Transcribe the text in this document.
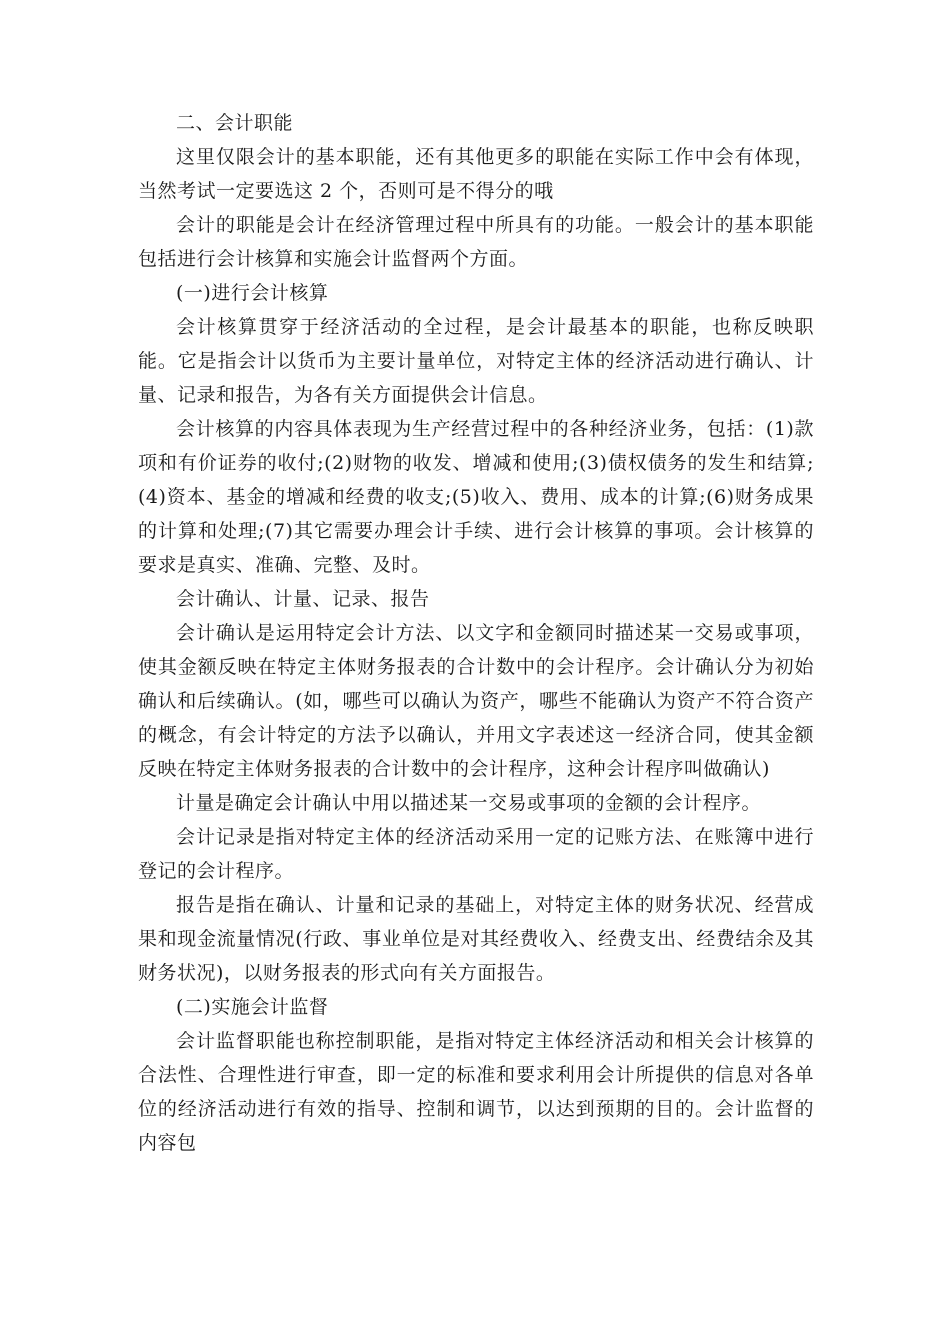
二、会计职能

这里仅限会计的基本职能，还有其他更多的职能在实际工作中会有体现，当然考试一定要选这 2 个，否则可是不得分的哦

会计的职能是会计在经济管理过程中所具有的功能。一般会计的基本职能包括进行会计核算和实施会计监督两个方面。

(一)进行会计核算

会计核算贯穿于经济活动的全过程，是会计最基本的职能，也称反映职能。它是指会计以货币为主要计量单位，对特定主体的经济活动进行确认、计量、记录和报告，为各有关方面提供会计信息。

会计核算的内容具体表现为生产经营过程中的各种经济业务，包括：(1)款项和有价证券的收付;(2)财物的收发、增减和使用;(3)债权债务的发生和结算;(4)资本、基金的增减和经费的收支;(5)收入、费用、成本的计算;(6)财务成果的计算和处理;(7)其它需要办理会计手续、进行会计核算的事项。会计核算的要求是真实、准确、完整、及时。

会计确认、计量、记录、报告

会计确认是运用特定会计方法、以文字和金额同时描述某一交易或事项，使其金额反映在特定主体财务报表的合计数中的会计程序。会计确认分为初始确认和后续确认。(如，哪些可以确认为资产，哪些不能确认为资产不符合资产的概念，有会计特定的方法予以确认，并用文字表述这一经济合同，使其金额反映在特定主体财务报表的合计数中的会计程序，这种会计程序叫做确认)

计量是确定会计确认中用以描述某一交易或事项的金额的会计程序。

会计记录是指对特定主体的经济活动采用一定的记账方法、在账簿中进行登记的会计程序。

报告是指在确认、计量和记录的基础上，对特定主体的财务状况、经营成果和现金流量情况(行政、事业单位是对其经费收入、经费支出、经费结余及其财务状况)，以财务报表的形式向有关方面报告。

(二)实施会计监督

会计监督职能也称控制职能，是指对特定主体经济活动和相关会计核算的合法性、合理性进行审查，即一定的标准和要求利用会计所提供的信息对各单位的经济活动进行有效的指导、控制和调节，以达到预期的目的。会计监督的内容包
